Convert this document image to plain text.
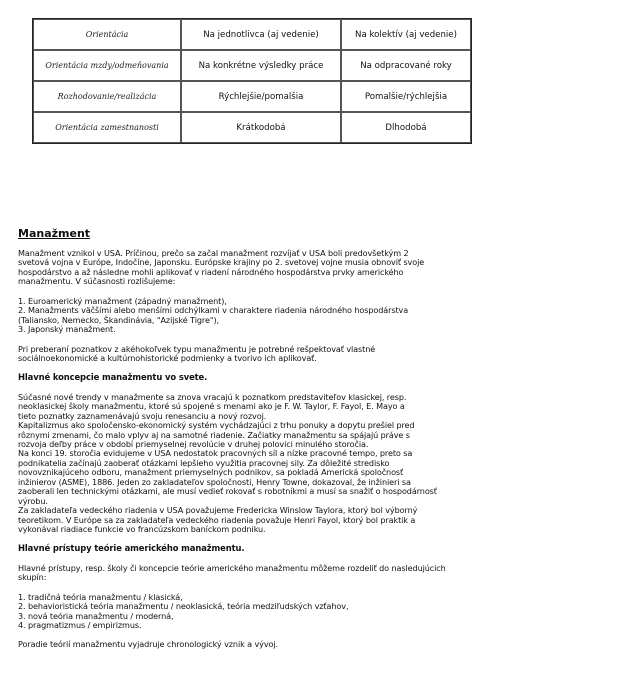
Orientácia	Na jednotlivca (aj vedenie)	Na kolektív (aj vedenie)
Orientácia mzdy/odmeňovania	Na konkrétne výsledky práce	Na odpracované roky
Rozhodovanie/realizácia	Rýchlejšie/pomalšia	Pomalšie/rýchlejšia
Orientácia zamestnanosti	Krátkodobá	Dlhodobá
Manažment
Manažment vznikol v USA. Príčinou, prečo sa začal manažment rozvíjať v USA boli predovšetkým 2
svetová vojna v Európe, Indočíne, Japonsku. Európske krajiny po 2. svetovej vojne musia obnoviť svoje
hospodárstvo a až následne mohli aplikovať v riadení národného hospodárstva prvky amerického
manažmentu. V súčasnosti rozlišujeme:
1. Euroamerický manažment (západný manažment),
2. Manažments väčšími alebo menšími odchýlkami v charaktere riadenia národného hospodárstva
(Taliansko, Nemecko, Škandinávia, "Azijské Tigre"),
3. Japonský manažment.
Pri preberaní poznatkov z akéhokoľvek typu manažmentu je potrebné rešpektovať vlastné
sociálnoekonomické a kultúrnohistorické podmienky a tvorivo ich aplikovať.
Hlavné koncepcie manažmentu vo svete.
Súčasné nové trendy v manažmente sa znova vracajú k poznatkom predstaviteľov klasickej, resp.
neoklasickej školy manažmentu, ktoré sú spojené s menami ako je F. W. Taylor, F. Fayol, E. Mayo a
tieto poznatky zaznamenávajú svoju renesanciu a nový rozvoj.
Kapitalizmus ako spoločensko-ekonomický systém vychádzajúci z trhu ponuky a dopytu prešiel pred
rôznymi zmenami, čo malo vplyv aj na samotné riadenie. Začiatky manažmentu sa spájajú práve s
rozvoja deľby práce v období priemyselnej revolúcie v druhej polovici minulého storočia.
Na konci 19. storočia evidujeme v USA nedostatok pracovných síl a nízke pracovné tempo, preto sa
podnikatelia začínajú zaoberať otázkami lepšieho využitia pracovnej sily. Za dôležité stredisko
novovznikajúceho odboru, manažment priemyselných podnikov, sa pokladá Americká spoločnosť
inžinierov (ASME), 1886. Jeden zo zakladateľov spoločnosti, Henry Towne, dokazoval, že inžinieri sa
zaoberali len technickými otázkami, ale musí vedieť rokovať s robotníkmi a musí sa snažiť o hospodárnosť
výrobu.
Za zakladateľa vedeckého riadenia v USA považujeme Fredericka Winslow Taylora, ktorý bol výborný
teoretikom. V Európe sa za zakladateľa vedeckého riadenia považuje Henri Fayol, ktorý bol praktik a
vykonával riadiace funkcie vo francúzskom baníckom podniku.
Hlavné prístupy teórie amerického manažmentu.
Hlavné prístupy, resp. školy či koncepcie teórie amerického manažmentu môžeme rozdeliť do nasledujúcich
skupín:
1. tradičná teória manažmentu / klasická,
2. behavioristická teória manažmentu / neoklasická, teória medziľudských vzťahov,
3. nová teória manažmentu / moderná,
4. pragmatizmus / empirizmus.
Poradie teórií manažmentu vyjadruje chronologický vznik a vývoj.
